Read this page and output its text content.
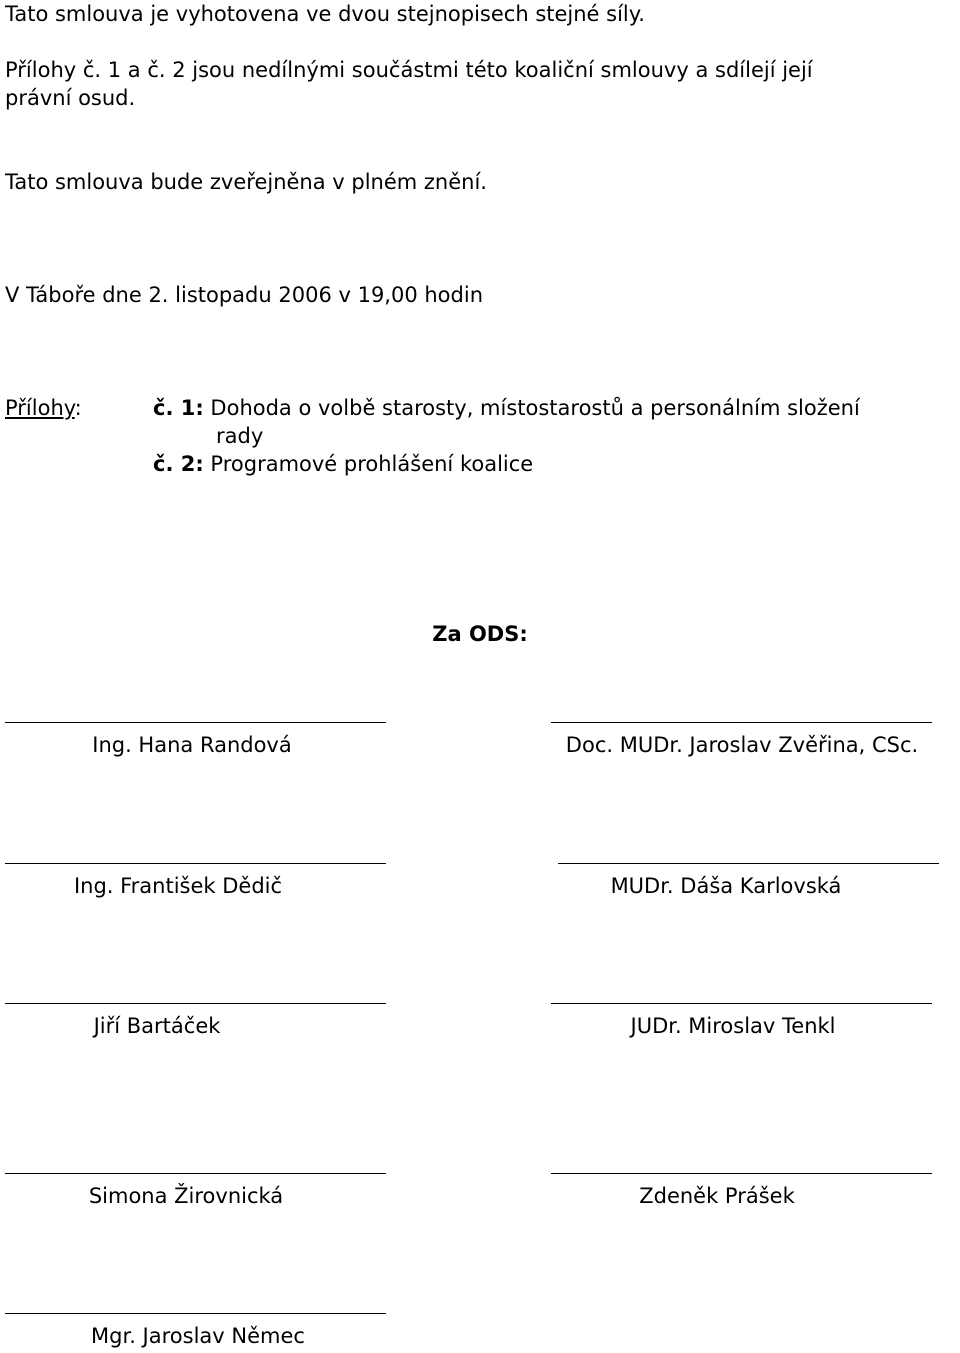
Tato smlouva je vyhotovena ve dvou stejnopisech stejné síly.
Přílohy č. 1 a č. 2 jsou nedílnými součástmi této koaliční smlouvy a sdílejí její
právní osud.
Tato smlouva bude zveřejněna v plném znění.
V Táboře dne 2. listopadu 2006 v 19,00 hodin
Přílohy:	č. 1: Dohoda o volbě starosty, místostarostů a personálním složení
rady
č. 2: Programové prohlášení koalice
Za ODS:
Ing. Hana Randová	Doc. MUDr. Jaroslav Zvěřina, CSc.
Ing. František Dědič	MUDr. Dáša Karlovská
Jiří Bartáček	JUDr. Miroslav Tenkl
Simona Žirovnická	Zdeněk Prášek
Mgr. Jaroslav Němec
